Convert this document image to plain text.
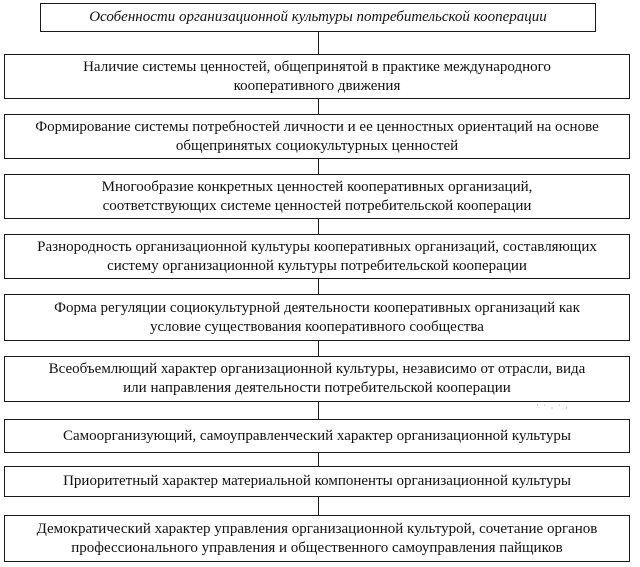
Особенности организационной культуры потребительской кооперации
Наличие системы ценностей, общепринятой в практике международного
кооперативного движения
Формирование системы потребностей личности и ее ценностных ориентаций на основе
общепринятых социокультурных ценностей
Многообразие конкретных ценностей кооперативных организаций,
соответствующих системе ценностей потребительской кооперации
Разнородность организационной культуры кооперативных организаций, составляющих
систему организационной культуры потребительской кооперации
Форма регуляции социокультурной деятельности кооперативных организаций как
условие существования кооперативного сообщества
Всеобъемлющий характер организационной культуры, независимо от отрасли, вида
или направления деятельности потребительской кооперации
˙ ˙ · ˙ ·
Самоорганизующий, самоуправленческий характер организационной культуры
Приоритетный характер материальной компоненты организационной культуры
Демократический характер управления организационной культурой, сочетание органов
профессионального управления и общественного самоуправления пайщиков
